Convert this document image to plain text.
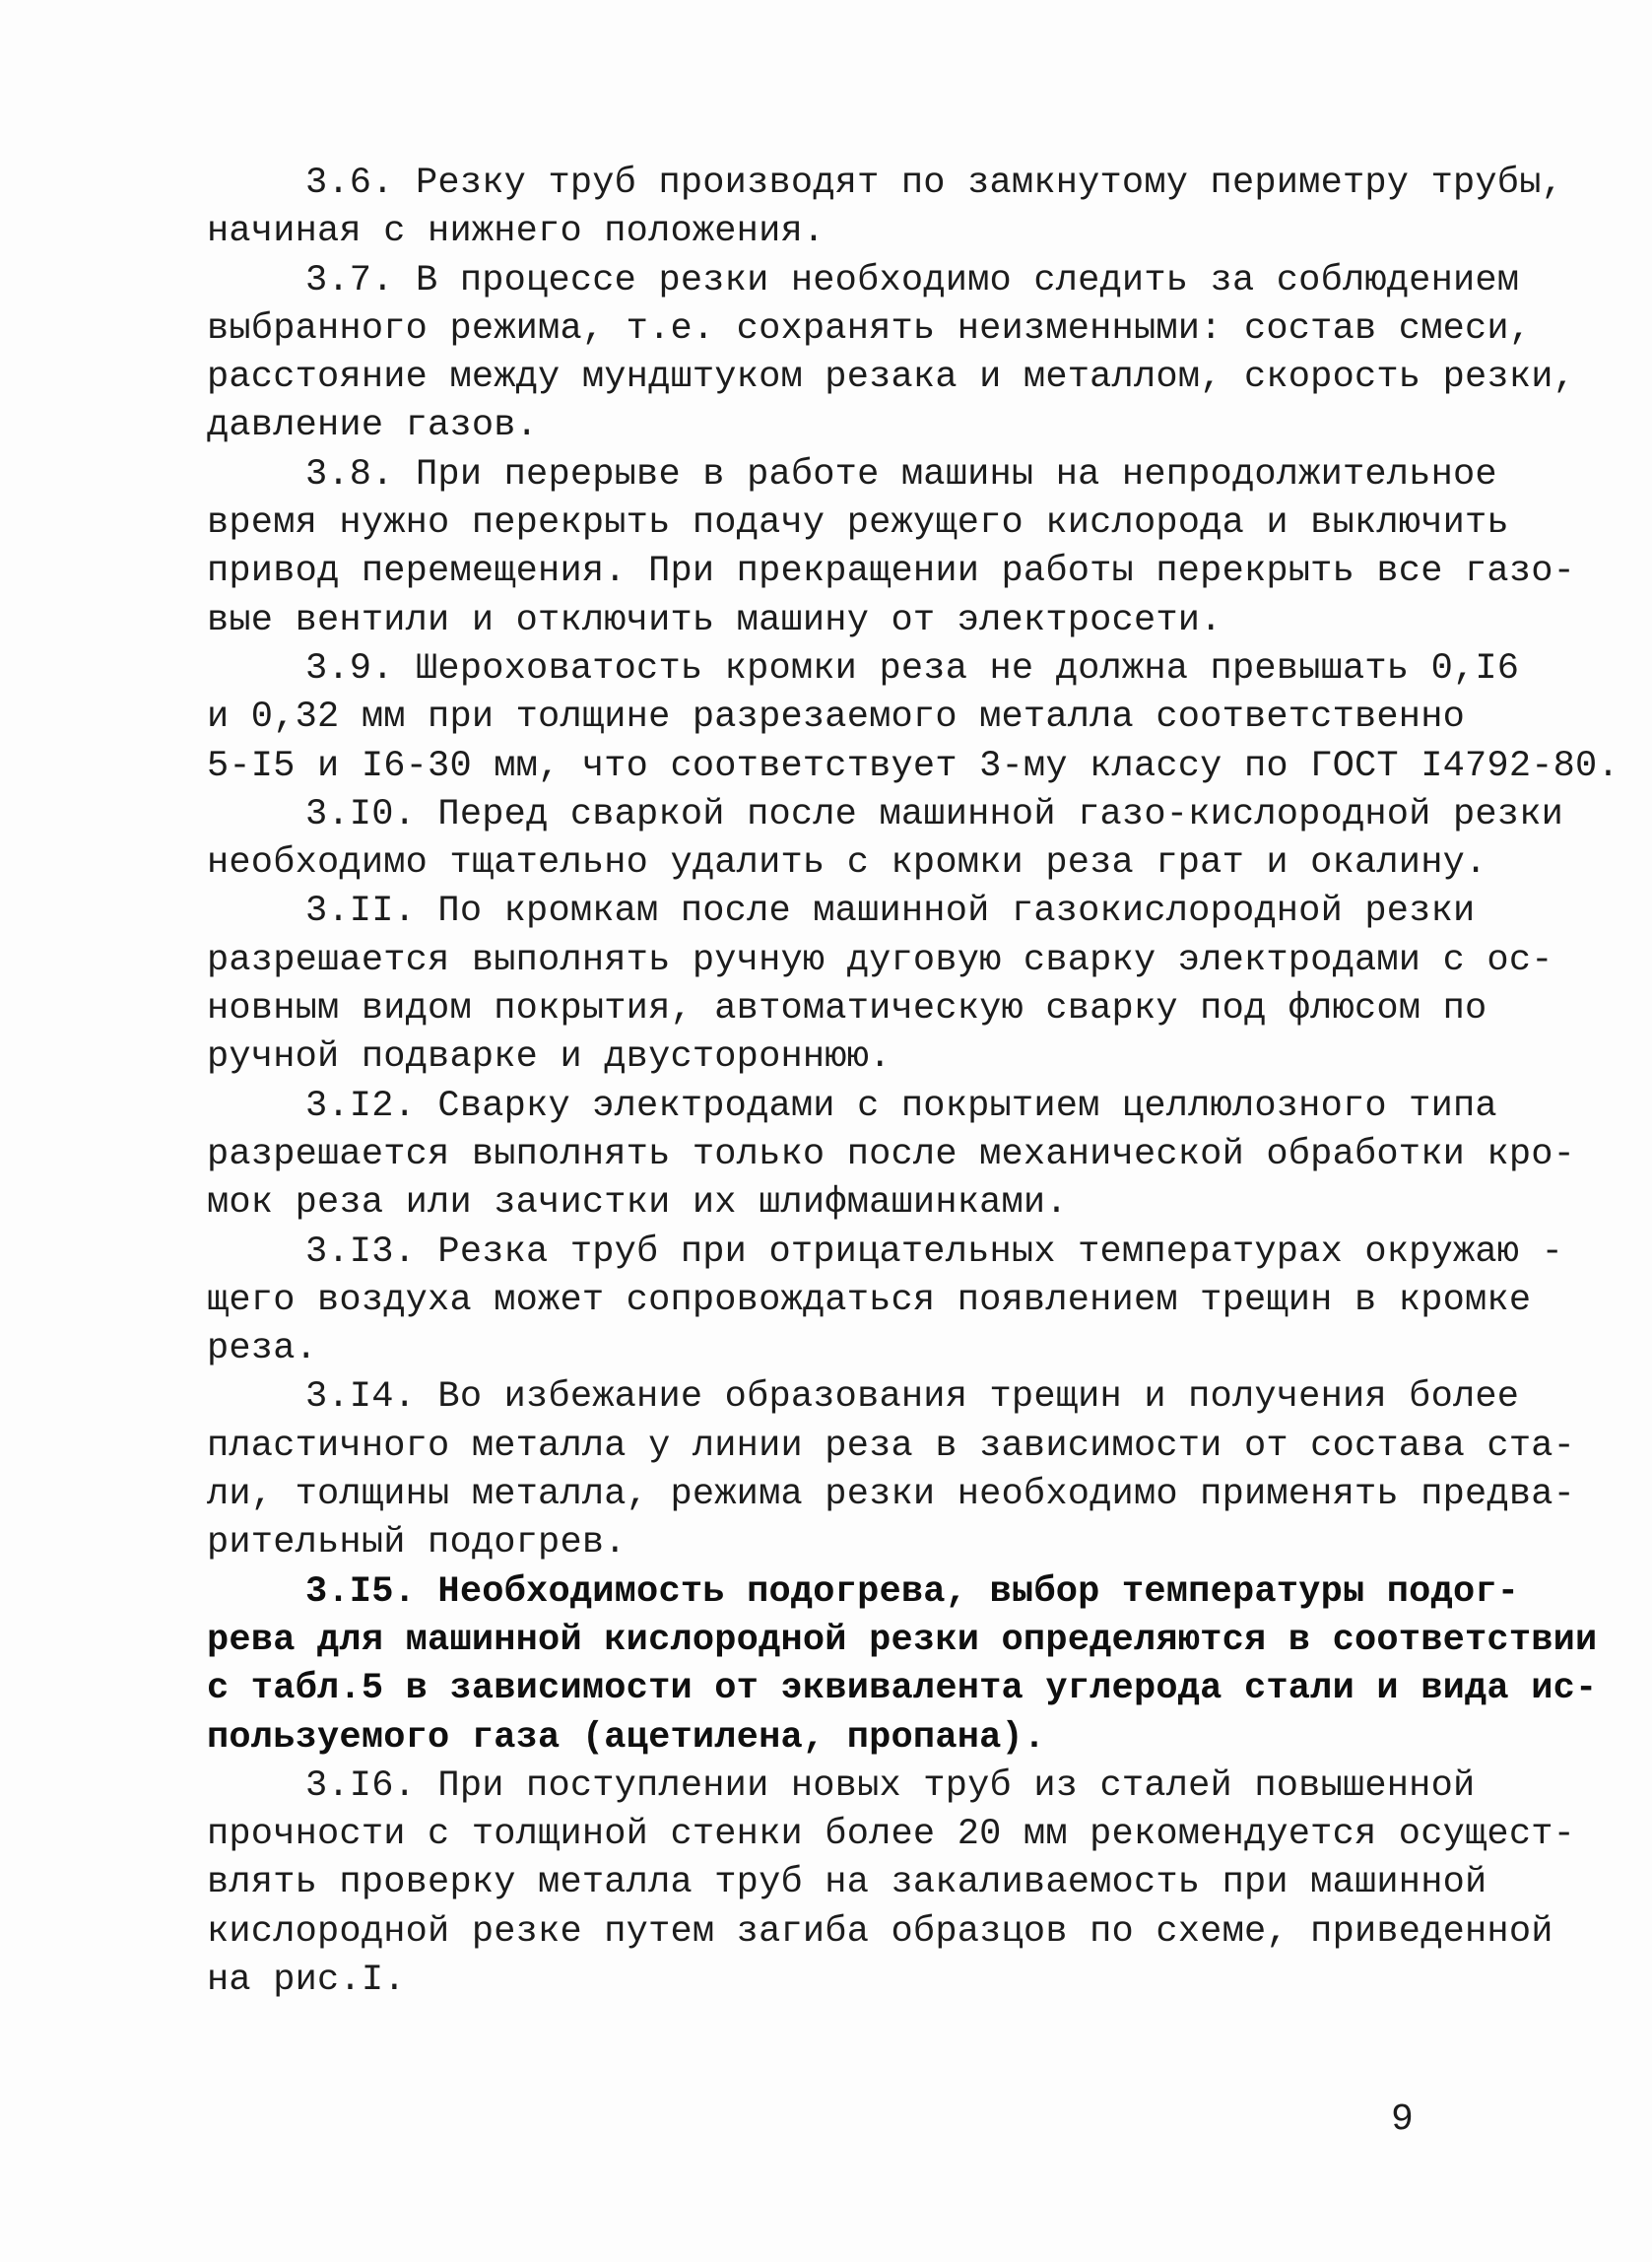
3.6. Резку труб производят по замкнутому периметру трубы,
начиная с нижнего положения.
3.7. В процессе резки необходимо следить за соблюдением
выбранного режима, т.е. сохранять неизменными: состав смеси,
расстояние между мундштуком резака и металлом, скорость резки,
давление газов.
3.8. При перерыве в работе машины на непродолжительное
время нужно перекрыть подачу режущего кислорода и выключить
привод перемещения. При прекращении работы перекрыть все газо-
вые вентили и отключить машину от электросети.
3.9. Шероховатость кромки реза не должна превышать 0,I6
и 0,32 мм при толщине разрезаемого металла соответственно
5-I5 и I6-30 мм, что соответствует 3-му классу по ГОСТ I4792-80.
3.I0. Перед сваркой после машинной газо-кислородной резки
необходимо тщательно удалить с кромки реза грат и окалину.
3.II. По кромкам после машинной газокислородной резки
разрешается выполнять ручную дуговую сварку электродами с ос-
новным видом покрытия, автоматическую сварку под флюсом по
ручной подварке и двустороннюю.
3.I2. Сварку электродами с покрытием целлюлозного типа
разрешается выполнять только после механической обработки кро-
мок реза или зачистки их шлифмашинками.
3.I3. Резка труб при отрицательных температурах окружаю -
щего воздуха может сопровождаться появлением трещин в кромке
реза.
3.I4. Во избежание образования трещин и получения более
пластичного металла у линии реза в зависимости от состава ста-
ли, толщины металла, режима резки необходимо применять предва-
рительный подогрев.
3.I5. Необходимость подогрева, выбор температуры подог-
рева для машинной кислородной резки определяются в соответствии
с табл.5 в зависимости от эквивалента углерода стали и вида ис-
пользуемого газа (ацетилена, пропана).
3.I6. При поступлении новых труб из сталей повышенной
прочности с толщиной стенки более 20 мм рекомендуется осущест-
влять проверку металла труб на закаливаемость при машинной
кислородной резке путем загиба образцов по схеме, приведенной
на рис.I.
9
